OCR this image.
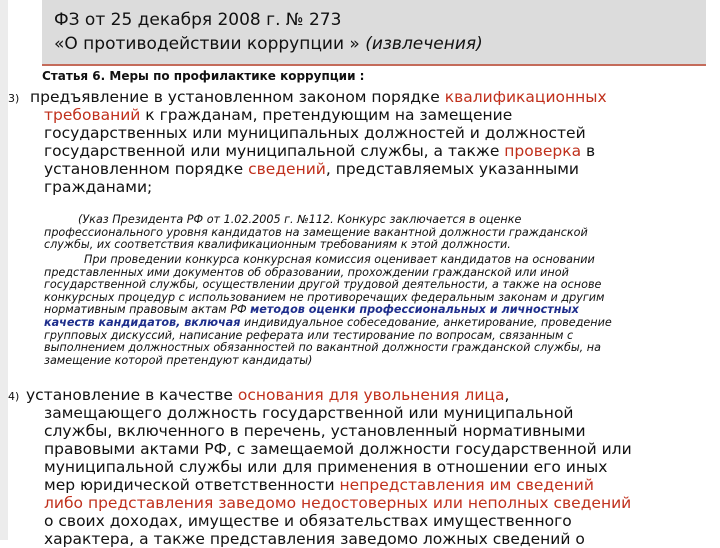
ФЗ от 25 декабря 2008 г. № 273
«О противодействии коррупции » (извлечения)
Статья 6. Меры по профилактике коррупции :
3) предъявление в установленном законом порядке квалификационных
требований к гражданам, претендующим на замещение
государственных или муниципальных должностей и должностей
государственной или муниципальной службы, а также проверка в
установленном порядке сведений, представляемых указанными
гражданами;
(Указ Президента РФ от 1.02.2005 г. №112. Конкурс заключается в оценке
профессионального уровня кандидатов на замещение вакантной должности гражданской
службы, их соответствия квалификационным требованиям к этой должности.
При проведении конкурса конкурсная комиссия оценивает кандидатов на основании
представленных ими документов об образовании, прохождении гражданской или иной
государственной службы, осуществлении другой трудовой деятельности, а также на основе
конкурсных процедур с использованием не противоречащих федеральным законам и другим
нормативным правовым актам РФ методов оценки профессиональных и личностных
качеств кандидатов, включая индивидуальное собеседование, анкетирование, проведение
групповых дискуссий, написание реферата или тестирование по вопросам, связанным с
выполнением должностных обязанностей по вакантной должности гражданской службы, на
замещение которой претендуют кандидаты)
4) установление в качестве основания для увольнения лица,
замещающего должность государственной или муниципальной
службы, включенного в перечень, установленный нормативными
правовыми актами РФ, с замещаемой должности государственной или
муниципальной службы или для применения в отношении его иных
мер юридической ответственности непредставления им сведений
либо представления заведомо недостоверных или неполных сведений
о своих доходах, имуществе и обязательствах имущественного
характера, а также представления заведомо ложных сведений о
